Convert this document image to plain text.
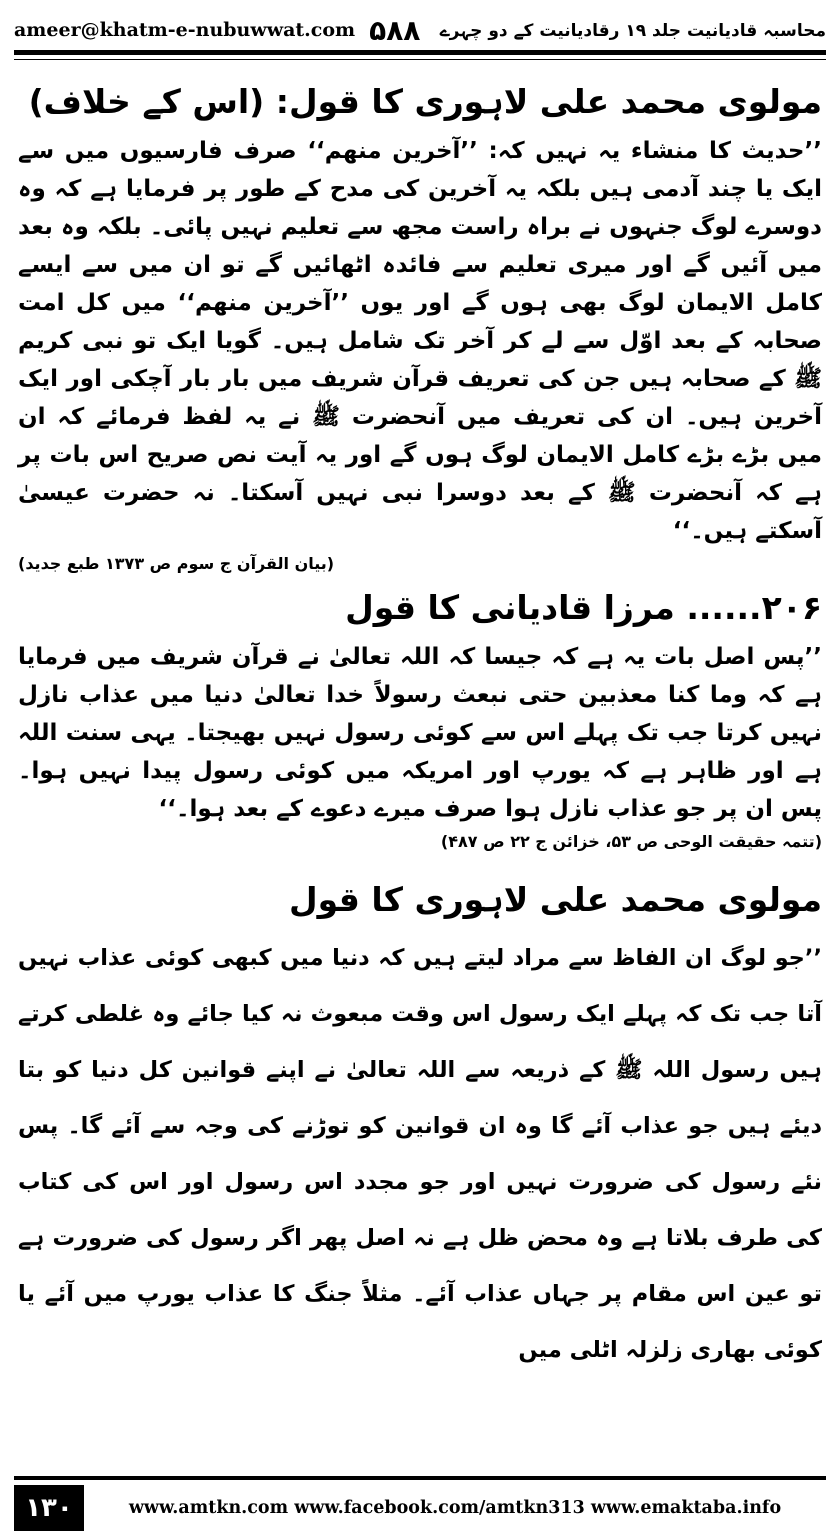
ameer@khatm-e-nubuwwat.com ۵۸۸ محاسبہ قادیانیت جلد ۱۹ رقادیانیت کے دو چہرے
مولوی محمد علی لاہوری کا قول: (اس کے خلاف)
’’حدیث کا منشاء یہ نہیں کہ: ’’آخرین منھم‘‘ صرف فارسیوں میں سے ایک یا چند آدمی ہیں بلکہ یہ آخرین کی مدح کے طور پر فرمایا ہے کہ وہ دوسرے لوگ جنہوں نے براہ راست مجھ سے تعلیم نہیں پائی۔ بلکہ وہ بعد میں آئیں گے اور میری تعلیم سے فائدہ اٹھائیں گے تو ان میں سے ایسے کامل الایمان لوگ بھی ہوں گے اور یوں ’’آخرین منھم‘‘ میں کل امت صحابہ کے بعد اوّل سے لے کر آخر تک شامل ہیں۔ گویا ایک تو نبی کریم ﷺ کے صحابہ ہیں جن کی تعریف قرآن شریف میں بار بار آچکی اور ایک آخرین ہیں۔ ان کی تعریف میں آنحضرت ﷺ نے یہ لفظ فرمائے کہ ان میں بڑے بڑے کامل الایمان لوگ ہوں گے اور یہ آیت نص صریح اس بات پر ہے کہ آنحضرت ﷺ کے بعد دوسرا نبی نہیں آسکتا۔ نہ حضرت عیسیٰ آسکتے ہیں۔‘‘
(بیان القرآن ج سوم ص ۱۳۷۳ طبع جدید)
۲۰۶...... مرزا قادیانی کا قول
’’پس اصل بات یہ ہے کہ جیسا کہ اللہ تعالیٰ نے قرآن شریف میں فرمایا ہے کہ وما کنا معذبین حتی نبعث رسولاً خدا تعالیٰ دنیا میں عذاب نازل نہیں کرتا جب تک پہلے اس سے کوئی رسول نہیں بھیجتا۔ یہی سنت اللہ ہے اور ظاہر ہے کہ یورپ اور امریکہ میں کوئی رسول پیدا نہیں ہوا۔ پس ان پر جو عذاب نازل ہوا صرف میرے دعوے کے بعد ہوا۔‘‘
(تتمہ حقیقت الوحی ص ۵۳، خزائن ج ۲۲ ص ۴۸۷)
مولوی محمد علی لاہوری کا قول
’’جو لوگ ان الفاظ سے مراد لیتے ہیں کہ دنیا میں کبھی کوئی عذاب نہیں آتا جب تک کہ پہلے ایک رسول اس وقت مبعوث نہ کیا جائے وہ غلطی کرتے ہیں رسول اللہ ﷺ کے ذریعہ سے اللہ تعالیٰ نے اپنے قوانین کل دنیا کو بتا دیئے ہیں جو عذاب آئے گا وہ ان قوانین کو توڑنے کی وجہ سے آئے گا۔ پس نئے رسول کی ضرورت نہیں اور جو مجدد اس رسول اور اس کی کتاب کی طرف بلاتا ہے وہ محض ظل ہے نہ اصل پھر اگر رسول کی ضرورت ہے تو عین اس مقام پر جہاں عذاب آئے۔ مثلاً جنگ کا عذاب یورپ میں آئے یا کوئی بھاری زلزلہ اٹلی میں
۱۳۰	www.amtkn.com www.facebook.com/amtkn313 www.emaktaba.info
